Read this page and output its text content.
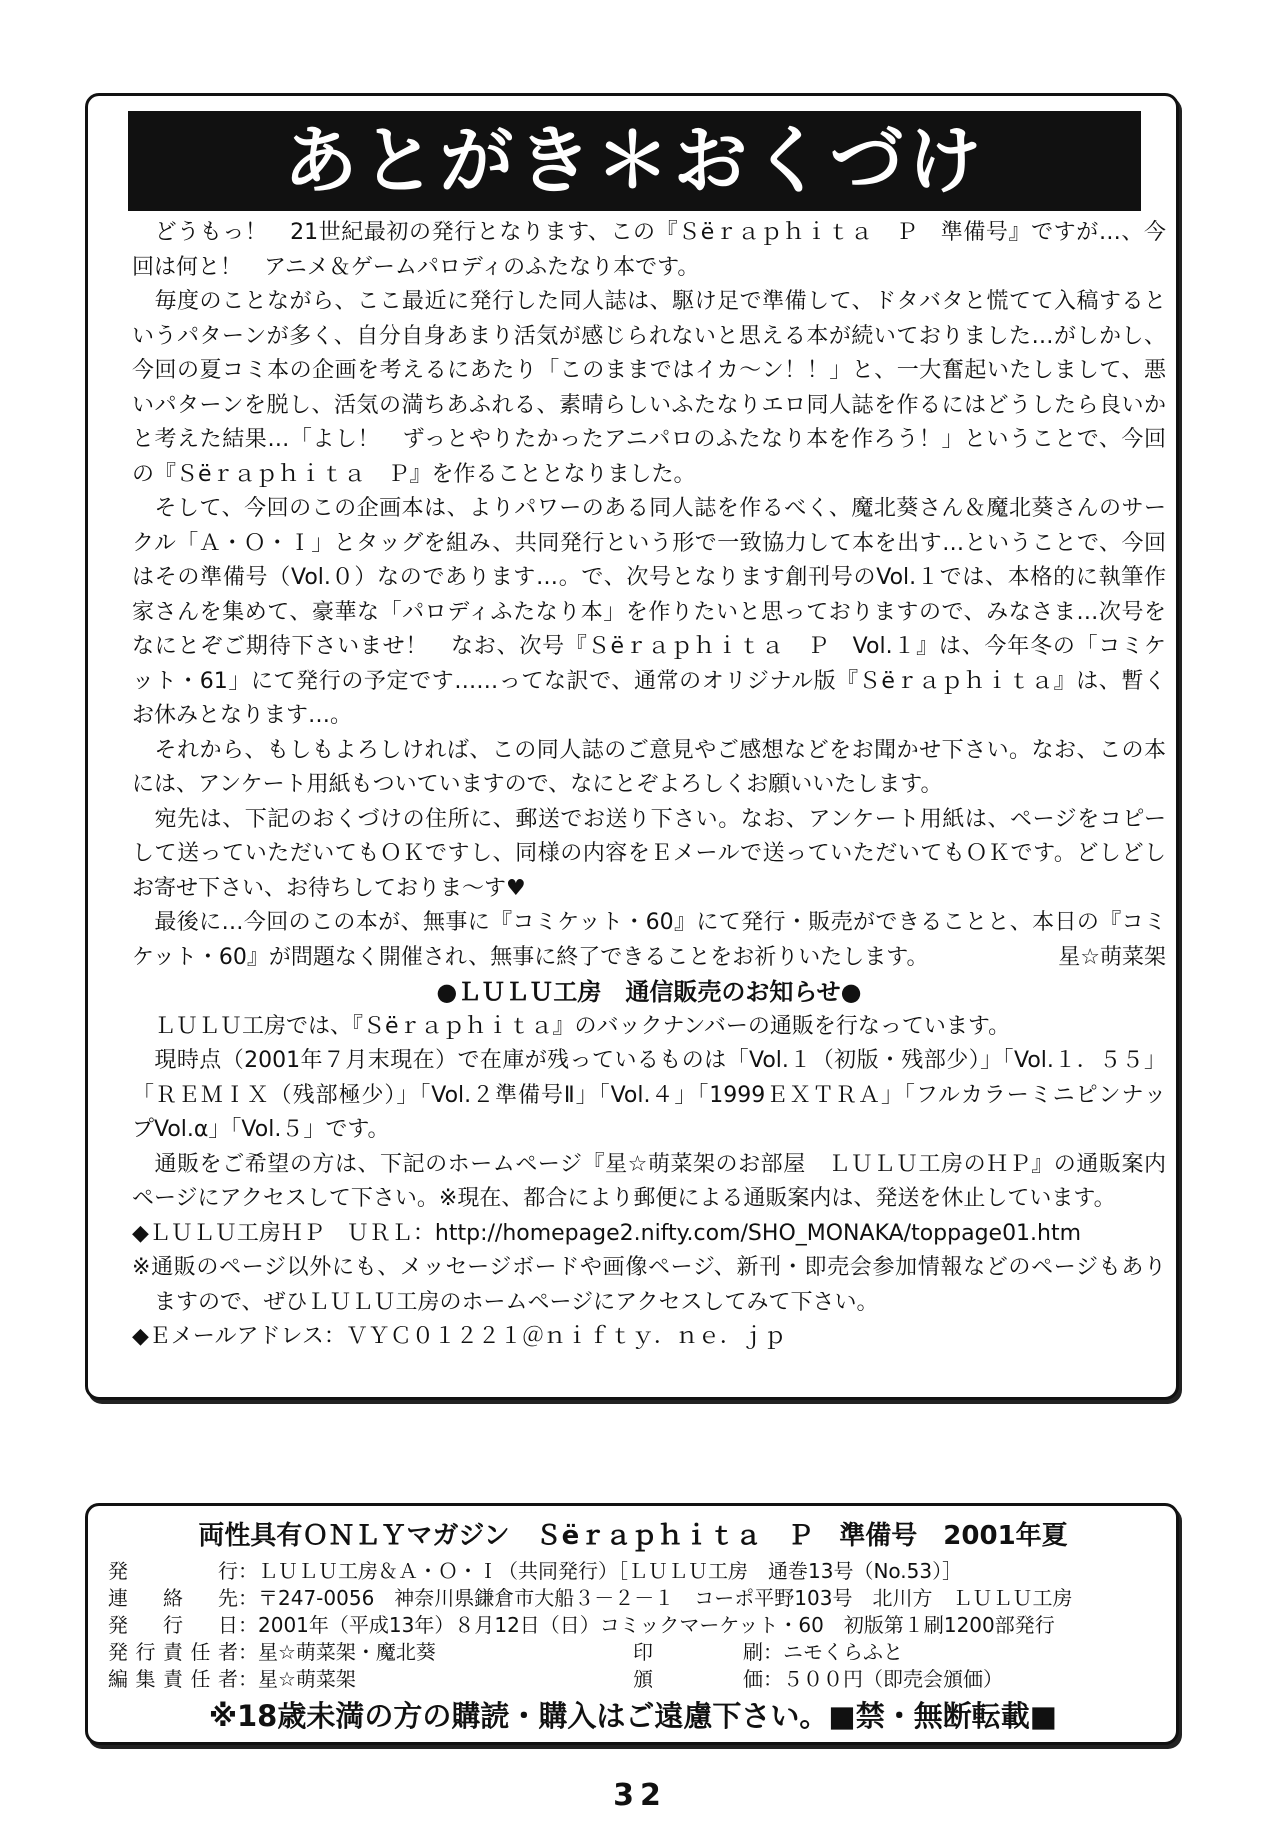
あとがき＊おくづけ
　どうもっ！　21世紀最初の発行となります、この『Ｓëｒａｐｈｉｔａ　Ｐ　準備号』ですが…、今
回は何と！　アニメ＆ゲームパロディのふたなり本です。
　毎度のことながら、ここ最近に発行した同人誌は、駆け足で準備して、ドタバタと慌てて入稿すると
いうパターンが多く、自分自身あまり活気が感じられないと思える本が続いておりました…がしかし、
今回の夏コミ本の企画を考えるにあたり「このままではイカ～ン！！」と、一大奮起いたしまして、悪
いパターンを脱し、活気の満ちあふれる、素晴らしいふたなりエロ同人誌を作るにはどうしたら良いか
と考えた結果…「よし！　ずっとやりたかったアニパロのふたなり本を作ろう！」ということで、今回
の『Ｓëｒａｐｈｉｔａ　Ｐ』を作ることとなりました。
　そして、今回のこの企画本は、よりパワーのある同人誌を作るべく、魔北葵さん＆魔北葵さんのサー
クル「Ａ・Ｏ・Ｉ」とタッグを組み、共同発行という形で一致協力して本を出す…ということで、今回
はその準備号（Vol.０）なのであります…。で、次号となります創刊号のVol.１では、本格的に執筆作
家さんを集めて、豪華な「パロディふたなり本」を作りたいと思っておりますので、みなさま…次号を
なにとぞご期待下さいませ！　なお、次号『Ｓëｒａｐｈｉｔａ　Ｐ　Vol.１』は、今年冬の「コミケ
ット・61」にて発行の予定です……ってな訳で、通常のオリジナル版『Ｓëｒａｐｈｉｔａ』は、暫く
お休みとなります…。
　それから、もしもよろしければ、この同人誌のご意見やご感想などをお聞かせ下さい。なお、この本
には、アンケート用紙もついていますので、なにとぞよろしくお願いいたします。
　宛先は、下記のおくづけの住所に、郵送でお送り下さい。なお、アンケート用紙は、ページをコピー
して送っていただいてもＯＫですし、同様の内容をＥメールで送っていただいてもＯＫです。どしどし
お寄せ下さい、お待ちしておりま～す♥
　最後に…今回のこの本が、無事に『コミケット・60』にて発行・販売ができることと、本日の『コミ
ケット・60』が問題なく開催され、無事に終了できることをお祈りいたします。	星☆萌菜架
●ＬＵＬＵ工房　通信販売のお知らせ●
　ＬＵＬＵ工房では、『Ｓëｒａｐｈｉｔａ』のバックナンバーの通販を行なっています。
　現時点（2001年７月末現在）で在庫が残っているものは「Vol.１（初版・残部少）」「Vol.１．５５」
「ＲＥＭＩＸ（残部極少）」「Vol.２準備号Ⅱ」「Vol.４」「1999ＥＸＴＲＡ」「フルカラーミニピンナッ
プVol.α」「Vol.５」です。
　通販をご希望の方は、下記のホームページ『星☆萌菜架のお部屋　ＬＵＬＵ工房のＨＰ』の通販案内
ページにアクセスして下さい。※現在、都合により郵便による通販案内は、発送を休止しています。
◆ＬＵＬＵ工房ＨＰ　ＵＲＬ：http://homepage2.nifty.com/SHO_MONAKA/toppage01.htm
※通販のページ以外にも、メッセージボードや画像ページ、新刊・即売会参加情報などのページもあり
　ますので、ぜひＬＵＬＵ工房のホームページにアクセスしてみて下さい。
◆Ｅメールアドレス：ＶＹＣ０１２２１＠ｎｉｆｔｙ．ｎｅ．ｊｐ
両性具有ＯＮＬＹマガジン　Ｓëｒａｐｈｉｔａ　Ｐ　準備号　2001年夏
発　行 ：ＬＵＬＵ工房＆Ａ・Ｏ・Ｉ（共同発行）［ＬＵＬＵ工房　通巻13号（No.53）］
連絡先 ：〒247-0056　神奈川県鎌倉市大船３－２－１　コーポ平野103号　北川方　ＬＵＬＵ工房
発行日 ：2001年（平成13年）８月12日（日）コミックマーケット・60　初版第１刷1200部発行
発行責任者 ：星☆萌菜架・魔北葵	印　刷 ：ニモくらふと
編集責任者 ：星☆萌菜架	頒　価 ：５００円（即売会頒価）
※18歳未満の方の購読・購入はご遠慮下さい。■禁・無断転載■
32
